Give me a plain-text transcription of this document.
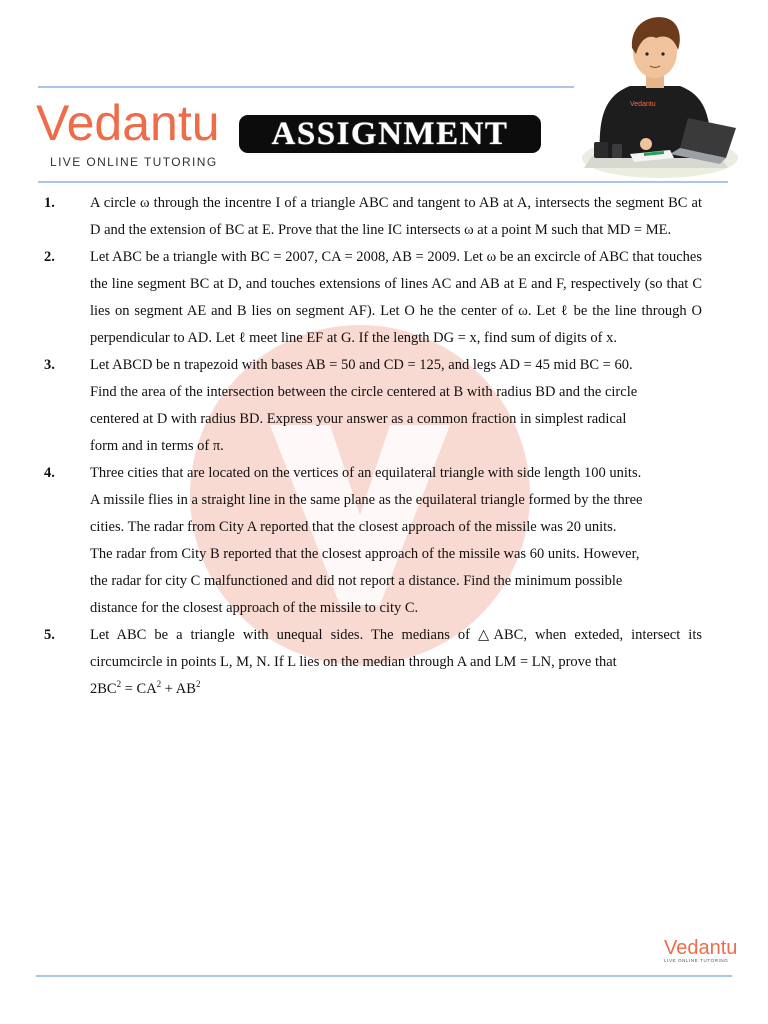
Vedantu
LIVE ONLINE TUTORING
ASSIGNMENT
Vedantu
1. A circle ω through the incentre I of a triangle ABC and tangent to AB at A, intersects the segment BC at D and the extension of BC at E. Prove that the line IC intersects ω at a point M such that MD = ME.
2. Let ABC be a triangle with BC = 2007, CA = 2008, AB = 2009. Let ω be an excircle of ABC that touches the line segment BC at D, and touches extensions of lines AC and AB at E and F, respectively (so that C lies on segment AE and B lies on segment AF). Let O he the center of ω. Let ℓ be the line through O perpendicular to AD. Let ℓ meet line EF at G. If the length DG = x, find sum of digits of x.
3. Let ABCD be n trapezoid with bases AB = 50 and CD = 125, and legs AD = 45 mid BC = 60.
Find the area of the intersection between the circle centered at B with radius BD and the circle
centered at D with radius BD. Express your answer as a common fraction in simplest radical
form and in terms of π.
4. Three cities that are located on the vertices of an equilateral triangle with side length 100 units.
A missile flies in a straight line in the same plane as the equilateral triangle formed by the three
cities. The radar from City A reported that the closest approach of the missile was 20 units.
The radar from City B reported that the closest approach of the missile was 60 units. However,
the radar for city C malfunctioned and did not report a distance. Find the minimum possible
distance for the closest approach of the missile to city C.
5. Let ABC be a triangle with unequal sides. The medians of △ABC, when exteded, intersect its circumcircle in points L, M, N. If L lies on the median through A and LM = LN, prove that
$2BC^2 = CA^2 + AB^2$
Vedantu
LIVE ONLINE TUTORING
